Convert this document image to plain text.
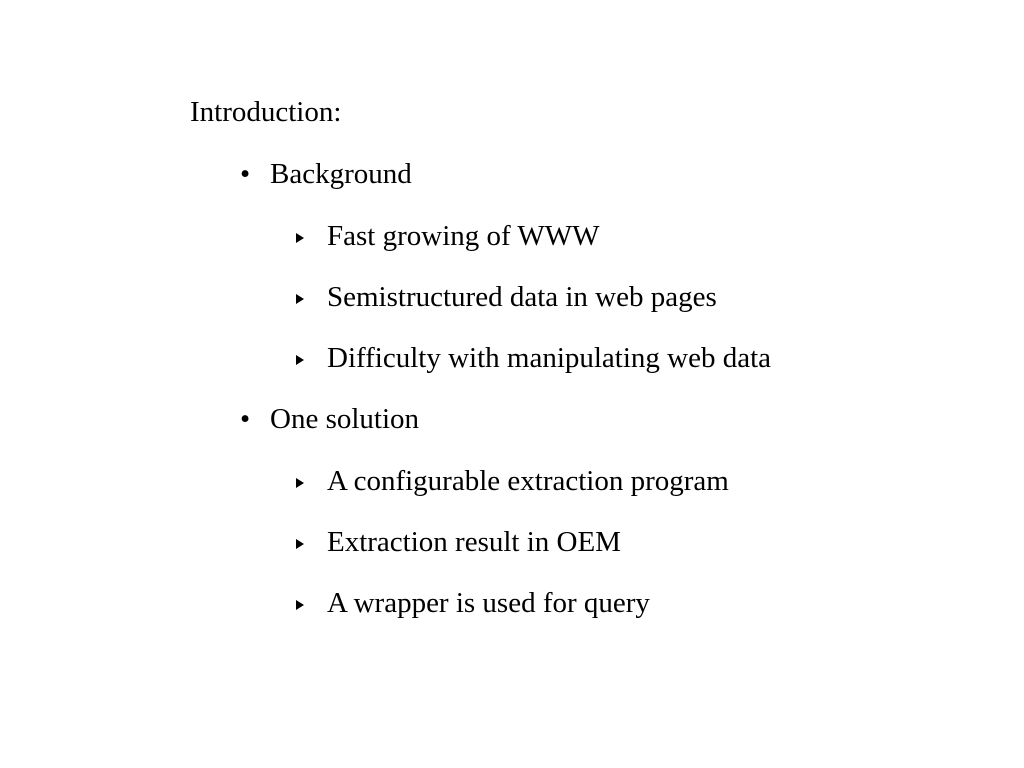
Introduction:
• Background
Fast growing of WWW
Semistructured data in web pages
Difficulty with manipulating web data
• One solution
A configurable extraction program
Extraction result in OEM
A wrapper is used for query
